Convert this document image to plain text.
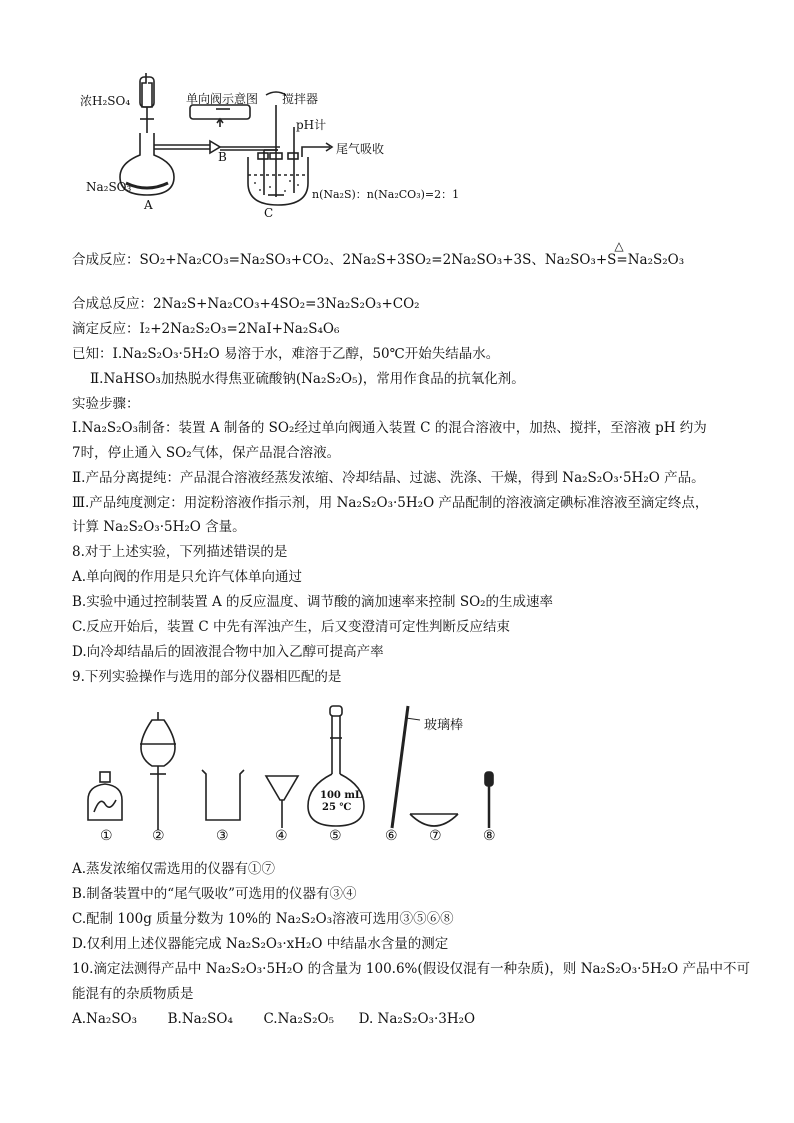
浓H₂SO₄
Na₂SO₃
A
单向阀示意图
B
搅拌器
pH计
尾气吸收
C
n(Na₂S)：n(Na₂CO₃)=2：1
合成反应：SO₂+Na₂CO₃=Na₂SO₃+CO₂、2Na₂S+3SO₂=2Na₂SO₃+3S、Na₂SO₃+S
△
=Na₂S₂O₃
合成总反应：2Na₂S+Na₂CO₃+4SO₂=3Na₂S₂O₃+CO₂
滴定反应：I₂+2Na₂S₂O₃=2NaI+Na₂S₄O₆
已知：I.Na₂S₂O₃·5H₂O 易溶于水，难溶于乙醇，50℃开始失结晶水。
Ⅱ.NaHSO₃加热脱水得焦亚硫酸钠(Na₂S₂O₅)，常用作食品的抗氧化剂。
实验步骤：
Ⅰ.Na₂S₂O₃制备：装置 A 制备的 SO₂经过单向阀通入装置 C 的混合溶液中，加热、搅拌，至溶液 pH 约为
7时，停止通入 SO₂气体，保产品混合溶液。
Ⅱ.产品分离提纯：产品混合溶液经蒸发浓缩、冷却结晶、过滤、洗涤、干燥，得到 Na₂S₂O₃·5H₂O 产品。
Ⅲ.产品纯度测定：用淀粉溶液作指示剂，用 Na₂S₂O₃·5H₂O 产品配制的溶液滴定碘标准溶液至滴定终点，
计算 Na₂S₂O₃·5H₂O 含量。
8.对于上述实验，下列描述错误的是
A.单向阀的作用是只允许气体单向通过
B.实验中通过控制装置 A 的反应温度、调节酸的滴加速率来控制 SO₂的生成速率
C.反应开始后，装置 C 中先有浑浊产生，后又变澄清可定性判断反应结束
D.向冷却结晶后的固液混合物中加入乙醇可提高产率
9.下列实验操作与选用的部分仪器相匹配的是
玻璃棒
100 mL
25 ℃
①	②	③	④	⑤	⑥ ⑦	⑧
A.蒸发浓缩仅需选用的仪器有①⑦
B.制备装置中的“尾气吸收”可选用的仪器有③④
C.配制 100g 质量分数为 10%的 Na₂S₂O₃溶液可选用③⑤⑥⑧
D.仅利用上述仪器能完成 Na₂S₂O₃·xH₂O 中结晶水含量的测定
10.滴定法测得产品中 Na₂S₂O₃·5H₂O 的含量为 100.6%(假设仅混有一种杂质)，则 Na₂S₂O₃·5H₂O 产品中不可
能混有的杂质物质是
A.Na₂SO₃ B.Na₂SO₄ C.Na₂S₂O₅ D. Na₂S₂O₃·3H₂O
